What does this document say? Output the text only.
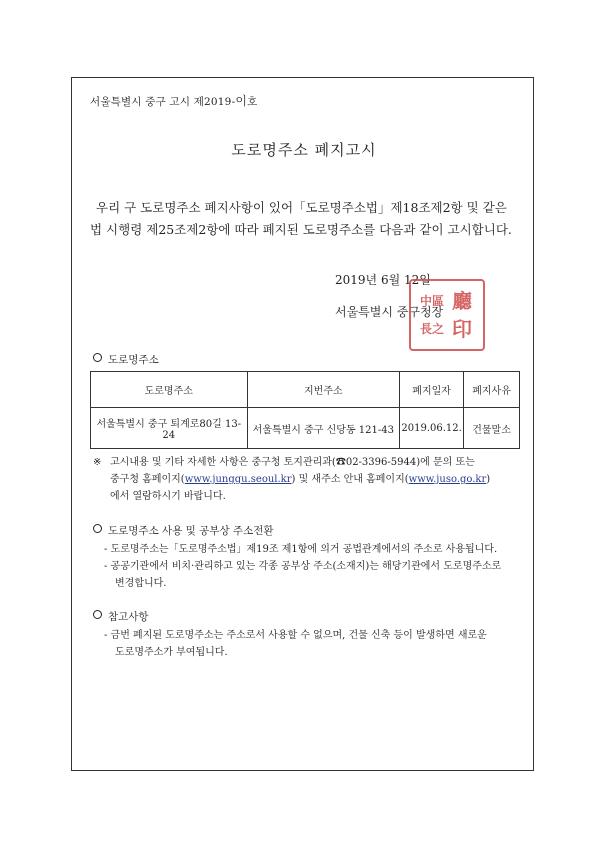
서울특별시 중구 고시 제2019-이호
도로명주소 폐지고시
우리 구 도로명주소 폐지사항이 있어「도로명주소법」제18조제2항 및 같은 법 시행령 제25조제2항에 따라 폐지된 도로명주소를 다음과 같이 고시합니다.
2019년 6월 12일
서울특별시 중구청장
中區 廳
長之 印
도로명주소
도로명주소	지번주소	폐지일자	폐지사유
서울특별시 중구 퇴계로80길 13-24	서울특별시 중구 신당동 121-43	2019.06.12.	건물말소
※ 고시내용 및 기타 자세한 사항은 중구청 토지관리과(☎02-3396-5944)에 문의 또는
중구청 홈페이지(www.junggu.seoul.kr) 및 새주소 안내 홈페이지(www.juso.go.kr)
에서 열람하시기 바랍니다.
도로명주소 사용 및 공부상 주소전환
- 도로명주소는「도로명주소법」제19조 제1항에 의거 공법관계에서의 주소로 사용됩니다.
- 공공기관에서 비치·관리하고 있는 각종 공부상 주소(소재지)는 해당기관에서 도로명주소로
변경합니다.
참고사항
- 금번 폐지된 도로명주소는 주소로서 사용할 수 없으며, 건물 신축 등이 발생하면 새로운
도로명주소가 부여됩니다.
